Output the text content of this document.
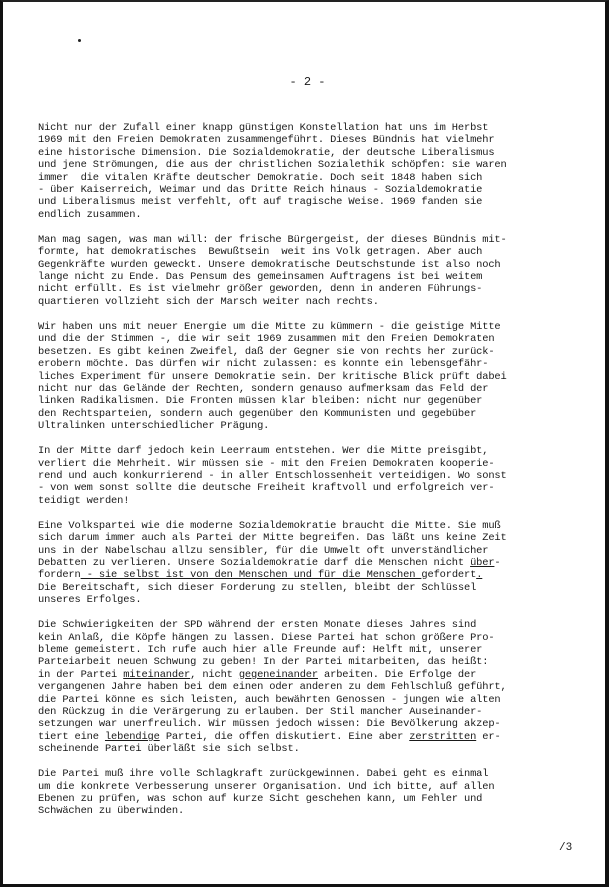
- 2 -
Nicht nur der Zufall einer knapp günstigen Konstellation hat uns im Herbst
1969 mit den Freien Demokraten zusammengeführt. Dieses Bündnis hat vielmehr
eine historische Dimension. Die Sozialdemokratie, der deutsche Liberalismus
und jene Strömungen, die aus der christlichen Sozialethik schöpfen: sie waren
immer  die vitalen Kräfte deutscher Demokratie. Doch seit 1848 haben sich
- über Kaiserreich, Weimar und das Dritte Reich hinaus - Sozialdemokratie
und Liberalismus meist verfehlt, oft auf tragische Weise. 1969 fanden sie
endlich zusammen.
Man mag sagen, was man will: der frische Bürgergeist, der dieses Bündnis mit-
formte, hat demokratisches  Bewußtsein  weit ins Volk getragen. Aber auch
Gegenkräfte wurden geweckt. Unsere demokratische Deutschstunde ist also noch
lange nicht zu Ende. Das Pensum des gemeinsamen Auftragens ist bei weitem
nicht erfüllt. Es ist vielmehr größer geworden, denn in anderen Führungs-
quartieren vollzieht sich der Marsch weiter nach rechts.
Wir haben uns mit neuer Energie um die Mitte zu kümmern - die geistige Mitte
und die der Stimmen -, die wir seit 1969 zusammen mit den Freien Demokraten
besetzen. Es gibt keinen Zweifel, daß der Gegner sie von rechts her zurück-
erobern möchte. Das dürfen wir nicht zulassen: es konnte ein lebensgefähr-
liches Experiment für unsere Demokratie sein. Der kritische Blick prüft dabei
nicht nur das Gelände der Rechten, sondern genauso aufmerksam das Feld der
linken Radikalismen. Die Fronten müssen klar bleiben: nicht nur gegenüber
den Rechtsparteien, sondern auch gegenüber den Kommunisten und gegebüber
Ultralinken unterschiedlicher Prägung.
In der Mitte darf jedoch kein Leerraum entstehen. Wer die Mitte preisgibt,
verliert die Mehrheit. Wir müssen sie - mit den Freien Demokraten kooperie-
rend und auch konkurrierend - in aller Entschlossenheit verteidigen. Wo sonst
- von wem sonst sollte die deutsche Freiheit kraftvoll und erfolgreich ver-
teidigt werden!
Eine Volkspartei wie die moderne Sozialdemokratie braucht die Mitte. Sie muß
sich darum immer auch als Partei der Mitte begreifen. Das läßt uns keine Zeit
uns in der Nabelschau allzu sensibler, für die Umwelt oft unverständlicher
Debatten zu verlieren. Unsere Sozialdemokratie darf die Menschen nicht über-
fordern - sie selbst ist von den Menschen und für die Menschen gefordert.
Die Bereitschaft, sich dieser Forderung zu stellen, bleibt der Schlüssel
unseres Erfolges.
Die Schwierigkeiten der SPD während der ersten Monate dieses Jahres sind
kein Anlaß, die Köpfe hängen zu lassen. Diese Partei hat schon größere Pro-
bleme gemeistert. Ich rufe auch hier alle Freunde auf: Helft mit, unserer
Parteiarbeit neuen Schwung zu geben! In der Partei mitarbeiten, das heißt:
in der Partei miteinander, nicht gegeneinander arbeiten. Die Erfolge der
vergangenen Jahre haben bei dem einen oder anderen zu dem Fehlschluß geführt,
die Partei könne es sich leisten, auch bewährten Genossen - jungen wie alten
den Rückzug in die Verärgerung zu erlauben. Der Stil mancher Auseinander-
setzungen war unerfreulich. Wir müssen jedoch wissen: Die Bevölkerung akzep-
tiert eine lebendige Partei, die offen diskutiert. Eine aber zerstritten er-
scheinende Partei überläßt sie sich selbst.
Die Partei muß ihre volle Schlagkraft zurückgewinnen. Dabei geht es einmal
um die konkrete Verbesserung unserer Organisation. Und ich bitte, auf allen
Ebenen zu prüfen, was schon auf kurze Sicht geschehen kann, um Fehler und
Schwächen zu überwinden.
/3
